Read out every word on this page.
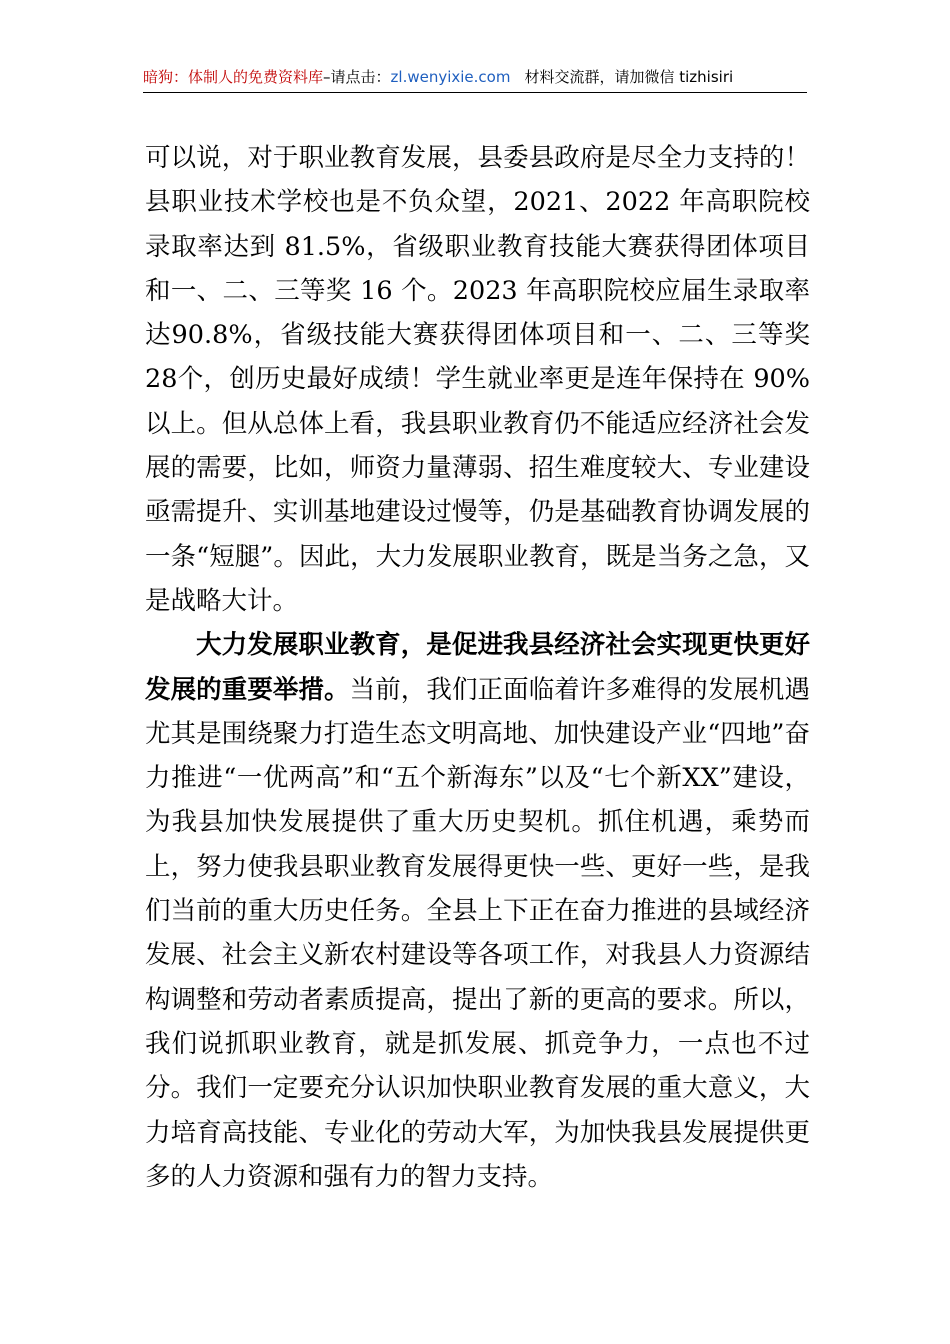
暗狗：体制人的免费资料库–请点击：zl.wenyixie.com 材料交流群，请加微信 tizhisiri

可以说，对于职业教育发展，县委县政府是尽全力支持的！县职业技术学校也是不负众望，2021、2022 年高职院校录取率达到 81.5%，省级职业教育技能大赛获得团体项目和一、二、三等奖 16 个。2023 年高职院校应届生录取率达90.8%，省级技能大赛获得团体项目和一、二、三等奖 28个，创历史最好成绩！学生就业率更是连年保持在 90%以上。但从总体上看，我县职业教育仍不能适应经济社会发展的需要，比如，师资力量薄弱、招生难度较大、专业建设亟需提升、实训基地建设过慢等，仍是基础教育协调发展的一条“短腿”。因此，大力发展职业教育，既是当务之急，又是战略大计。

大力发展职业教育，是促进我县经济社会实现更快更好发展的重要举措。当前，我们正面临着许多难得的发展机遇尤其是围绕聚力打造生态文明高地、加快建设产业“四地”奋力推进“一优两高”和“五个新海东”以及“七个新XX”建设，为我县加快发展提供了重大历史契机。抓住机遇，乘势而上，努力使我县职业教育发展得更快一些、更好一些，是我们当前的重大历史任务。全县上下正在奋力推进的县域经济发展、社会主义新农村建设等各项工作，对我县人力资源结构调整和劳动者素质提高，提出了新的更高的要求。所以，我们说抓职业教育，就是抓发展、抓竞争力，一点也不过分。我们一定要充分认识加快职业教育发展的重大意义，大力培育高技能、专业化的劳动大军，为加快我县发展提供更多的人力资源和强有力的智力支持。
